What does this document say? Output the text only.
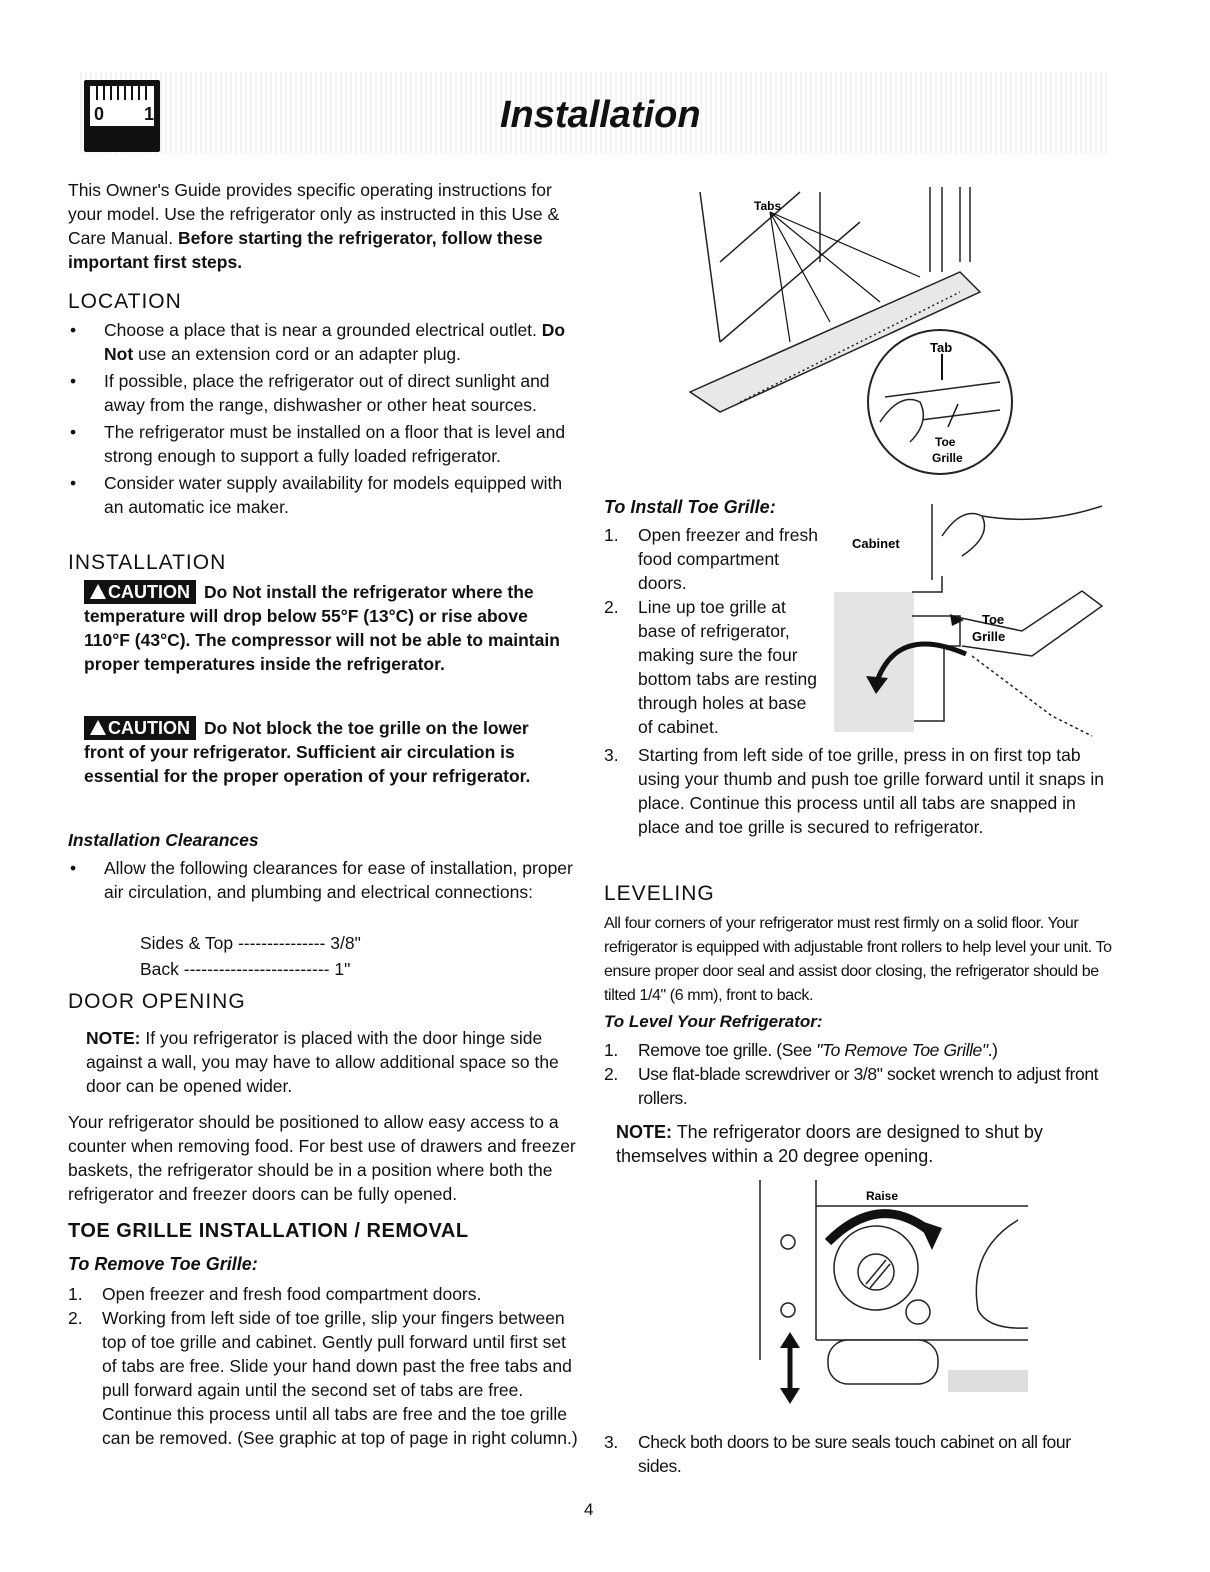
0 1	Installation
This Owner's Guide provides specific operating instructions for your model. Use the refrigerator only as instructed in this Use & Care Manual. Before starting the refrigerator, follow these important first steps.
LOCATION
• Choose a place that is near a grounded electrical outlet. Do Not use an extension cord or an adapter plug.
• If possible, place the refrigerator out of direct sunlight and away from the range, dishwasher or other heat sources.
• The refrigerator must be installed on a floor that is level and strong enough to support a fully loaded refrigerator.
• Consider water supply availability for models equipped with an automatic ice maker.
INSTALLATION
CAUTION Do Not install the refrigerator where the temperature will drop below 55°F (13°C) or rise above 110°F (43°C). The compressor will not be able to maintain proper temperatures inside the refrigerator.
CAUTION Do Not block the toe grille on the lower front of your refrigerator. Sufficient air circulation is essential for the proper operation of your refrigerator.
Installation Clearances
• Allow the following clearances for ease of installation, proper air circulation, and plumbing and electrical connections:
Sides & Top --------------- 3/8"
Back ------------------------- 1"
DOOR OPENING
NOTE: If you refrigerator is placed with the door hinge side against a wall, you may have to allow additional space so the door can be opened wider.
Your refrigerator should be positioned to allow easy access to a counter when removing food. For best use of drawers and freezer baskets, the refrigerator should be in a position where both the refrigerator and freezer doors can be fully opened.
TOE GRILLE INSTALLATION / REMOVAL
To Remove Toe Grille:
1. Open freezer and fresh food compartment doors.
2. Working from left side of toe grille, slip your fingers between top of toe grille and cabinet. Gently pull forward until first set of tabs are free. Slide your hand down past the free tabs and pull forward again until the second set of tabs are free. Continue this process until all tabs are free and the toe grille can be removed. (See graphic at top of page in right column.)
Tabs
Tab
Toe
Grille
To Install Toe Grille:
1. Open freezer and fresh food compartment doors.
2. Line up toe grille at base of refrigerator, making sure the four bottom tabs are resting through holes at base of cabinet.
Cabinet
Toe
Grille
3. Starting from left side of toe grille, press in on first top tab using your thumb and push toe grille forward until it snaps in place. Continue this process until all tabs are snapped in place and toe grille is secured to refrigerator.
LEVELING
All four corners of your refrigerator must rest firmly on a solid floor. Your refrigerator is equipped with adjustable front rollers to help level your unit. To ensure proper door seal and assist door closing, the refrigerator should be tilted 1/4" (6 mm), front to back.
To Level Your Refrigerator:
1. Remove toe grille. (See "To Remove Toe Grille".)
2. Use flat-blade screwdriver or 3/8" socket wrench to adjust front rollers.
NOTE: The refrigerator doors are designed to shut by themselves within a 20 degree opening.
Raise
3. Check both doors to be sure seals touch cabinet on all four sides.
4
